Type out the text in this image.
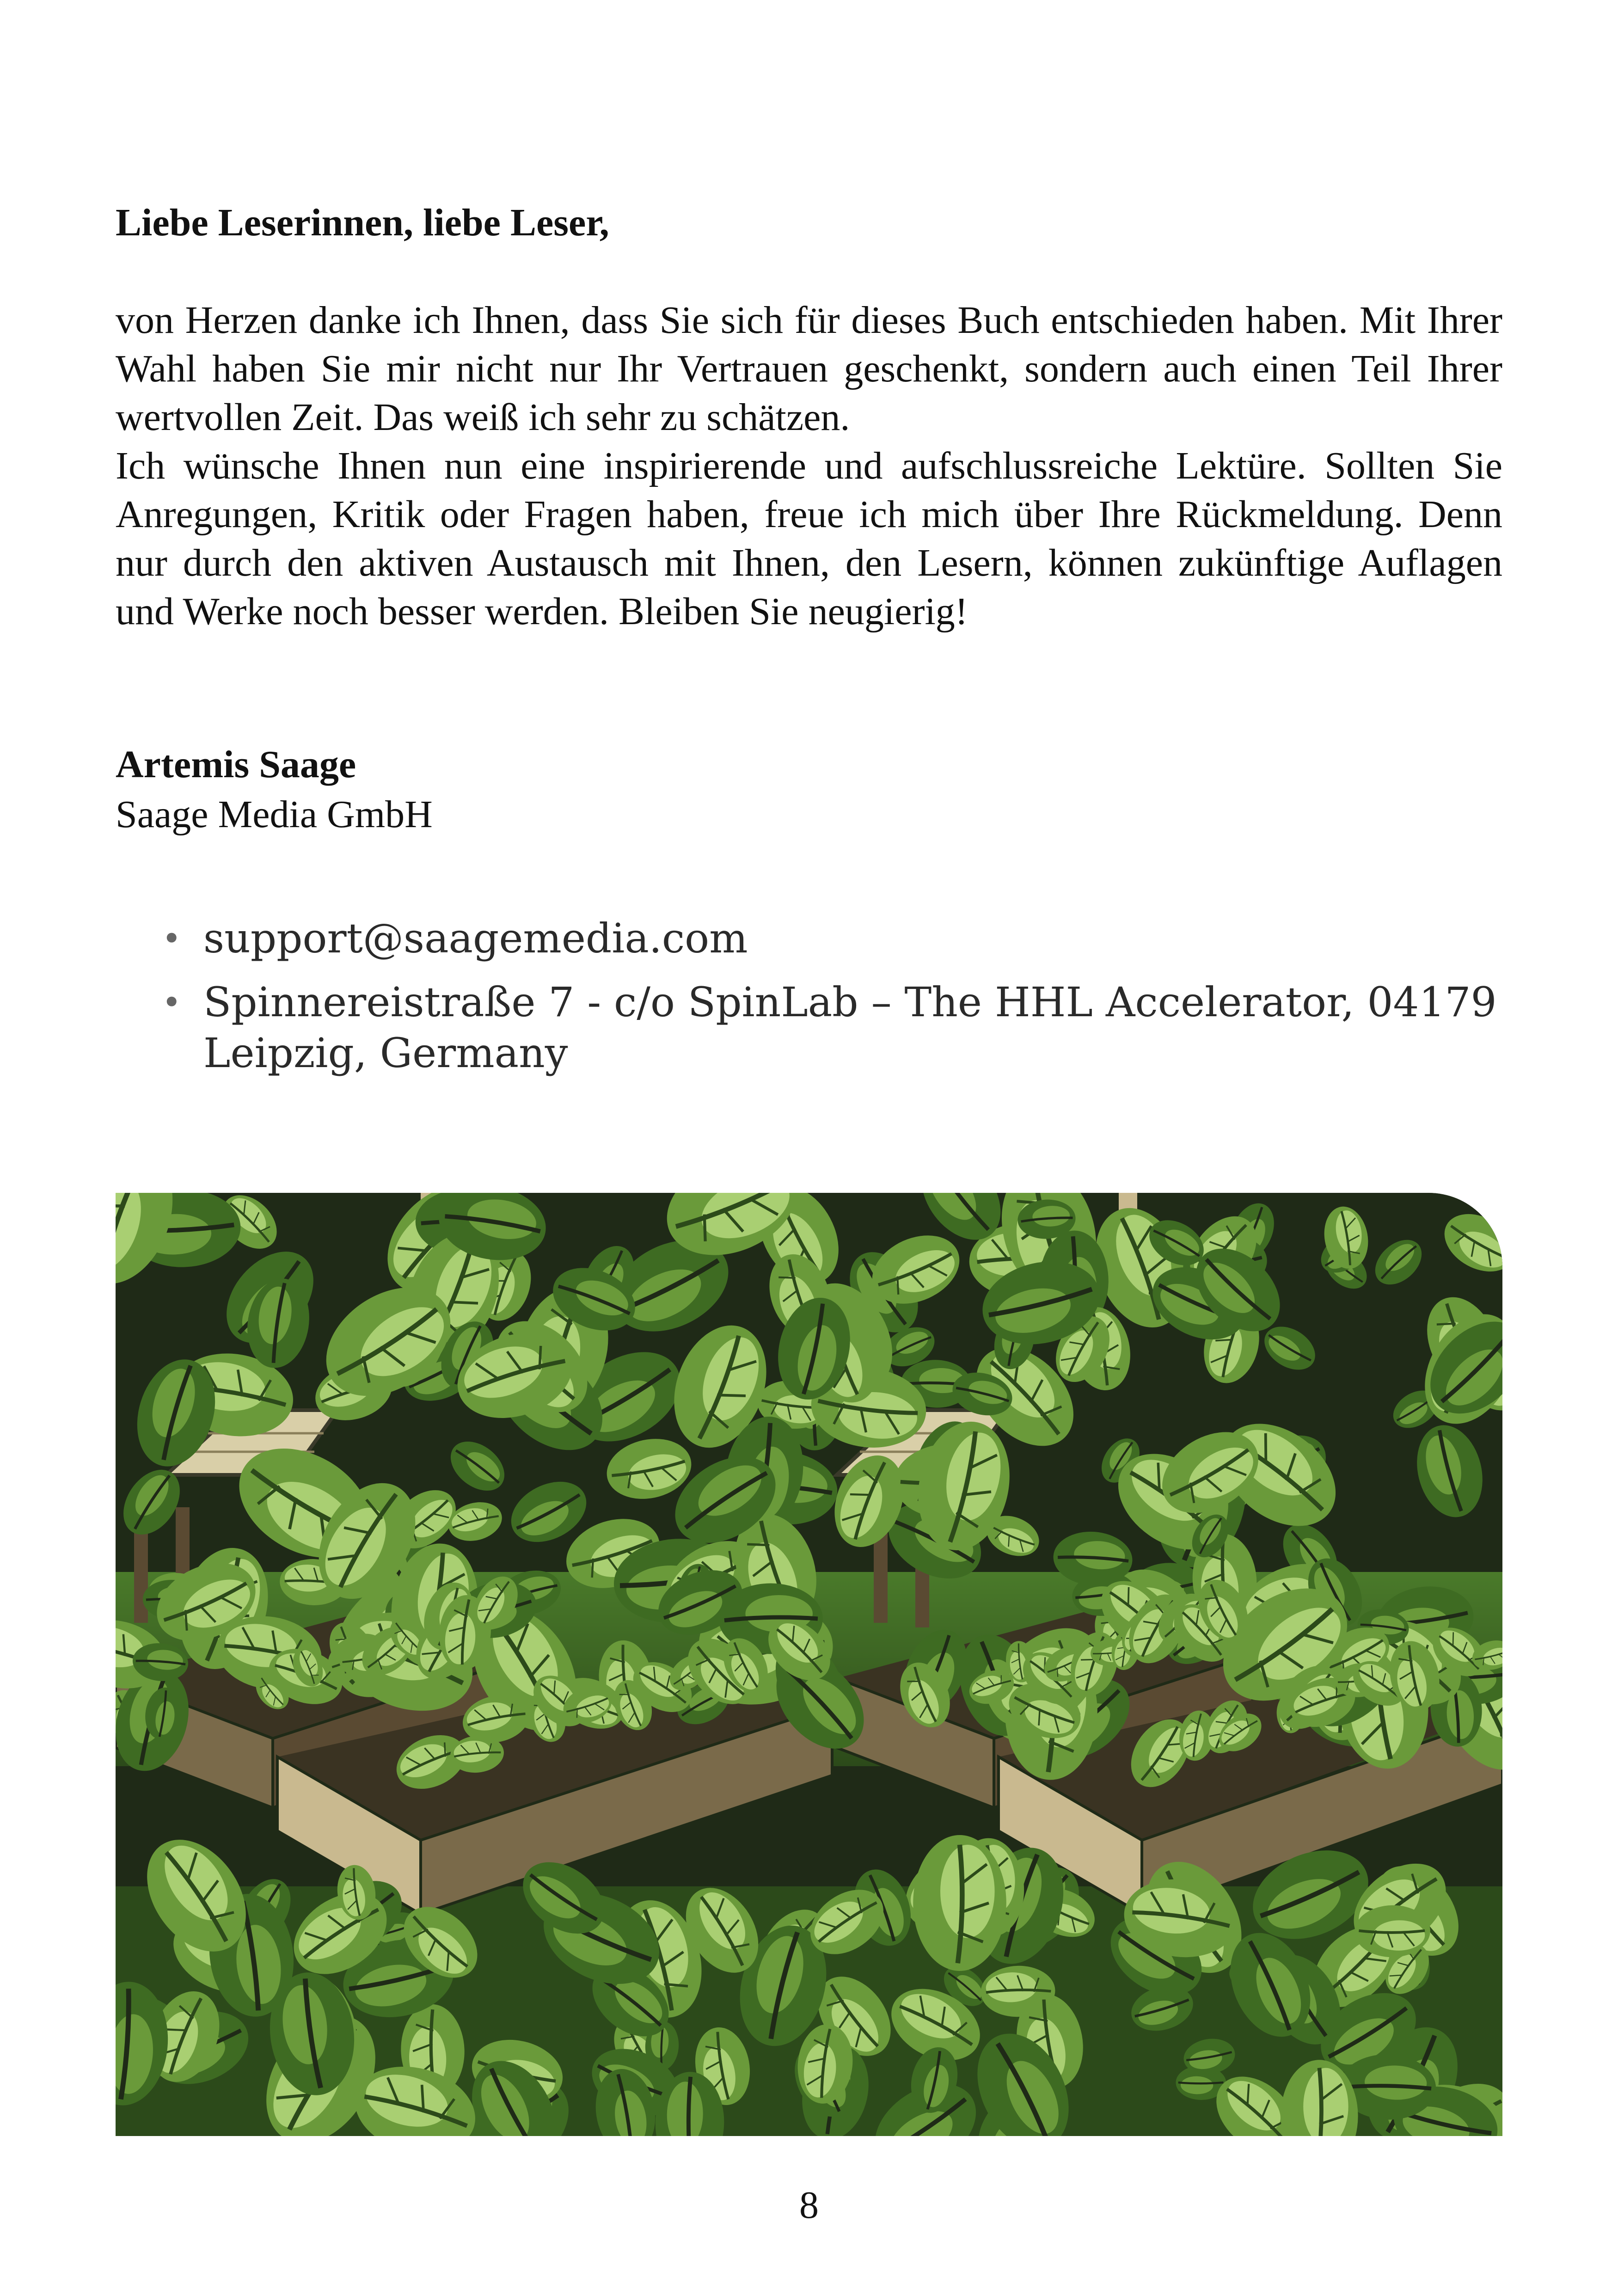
Liebe Leserinnen, liebe Leser,

von Herzen danke ich Ihnen, dass Sie sich für dieses Buch entschieden haben. Mit Ihrer Wahl haben Sie mir nicht nur Ihr Vertrauen geschenkt, sondern auch einen Teil Ihrer wertvollen Zeit. Das weiß ich sehr zu schätzen.

Ich wünsche Ihnen nun eine inspirierende und aufschlussreiche Lektüre. Sollten Sie Anregungen, Kritik oder Fragen haben, freue ich mich über Ihre Rückmeldung. Denn nur durch den aktiven Austausch mit Ihnen, den Lesern, können zukünftige Auflagen und Werke noch besser werden. Bleiben Sie neugierig!

Artemis Saage
Saage Media GmbH
• support@saagemedia.com
• Spinnereistraße 7 - c/o SpinLab – The HHL Accelerator, 04179 Leipzig, Germany
8
